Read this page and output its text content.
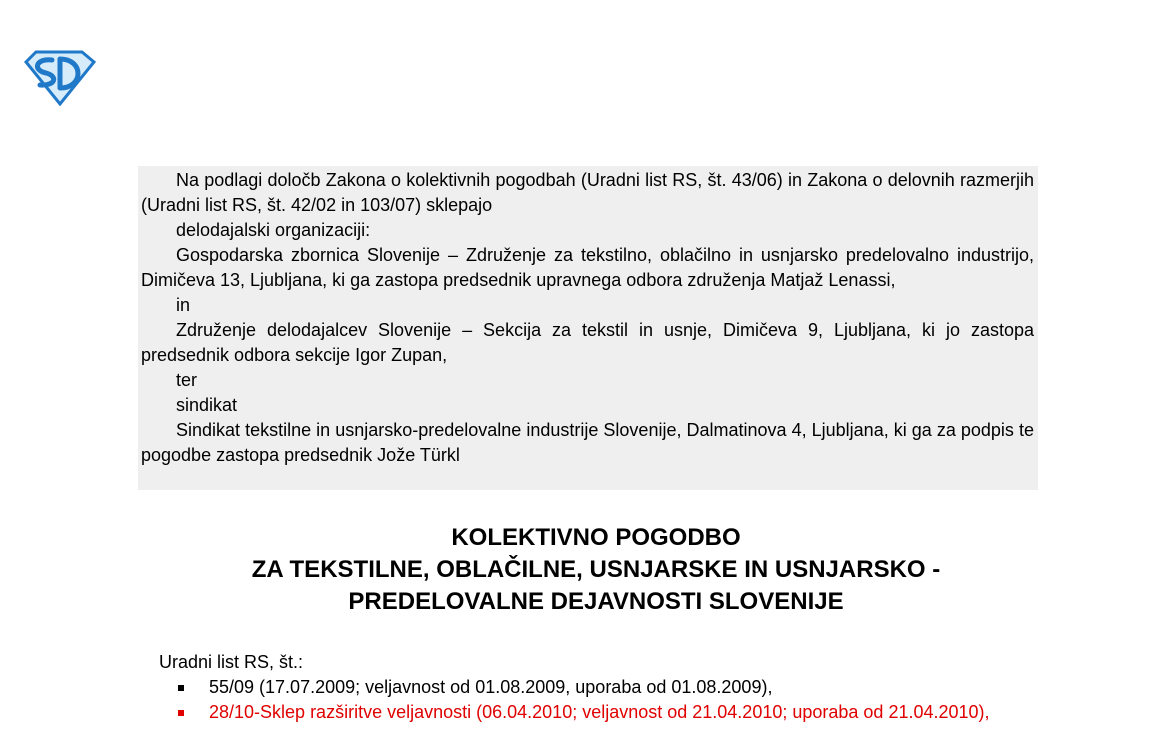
Na podlagi določb Zakona o kolektivnih pogodbah (Uradni list RS, št. 43/06) in Zakona o delovnih razmerjih (Uradni list RS, št. 42/02 in 103/07) sklepajo

delodajalski organizaciji:

Gospodarska zbornica Slovenije – Združenje za tekstilno, oblačilno in usnjarsko predelovalno industrijo, Dimičeva 13, Ljubljana, ki ga zastopa predsednik upravnega odbora združenja Matjaž Lenassi,

in

Združenje delodajalcev Slovenije – Sekcija za tekstil in usnje, Dimičeva 9, Ljubljana, ki jo zastopa predsednik odbora sekcije Igor Zupan,

ter

sindikat

Sindikat tekstilne in usnjarsko-predelovalne industrije Slovenije, Dalmatinova 4, Ljubljana, ki ga za podpis te pogodbe zastopa predsednik Jože Türkl

KOLEKTIVNO POGODBO
ZA TEKSTILNE, OBLAČILNE, USNJARSKE IN USNJARSKO -
PREDELOVALNE DEJAVNOSTI SLOVENIJE
Uradni list RS, št.:
55/09 (17.07.2009; veljavnost od 01.08.2009, uporaba od 01.08.2009),
28/10-Sklep razširitve veljavnosti (06.04.2010; veljavnost od 21.04.2010; uporaba od 21.04.2010),
